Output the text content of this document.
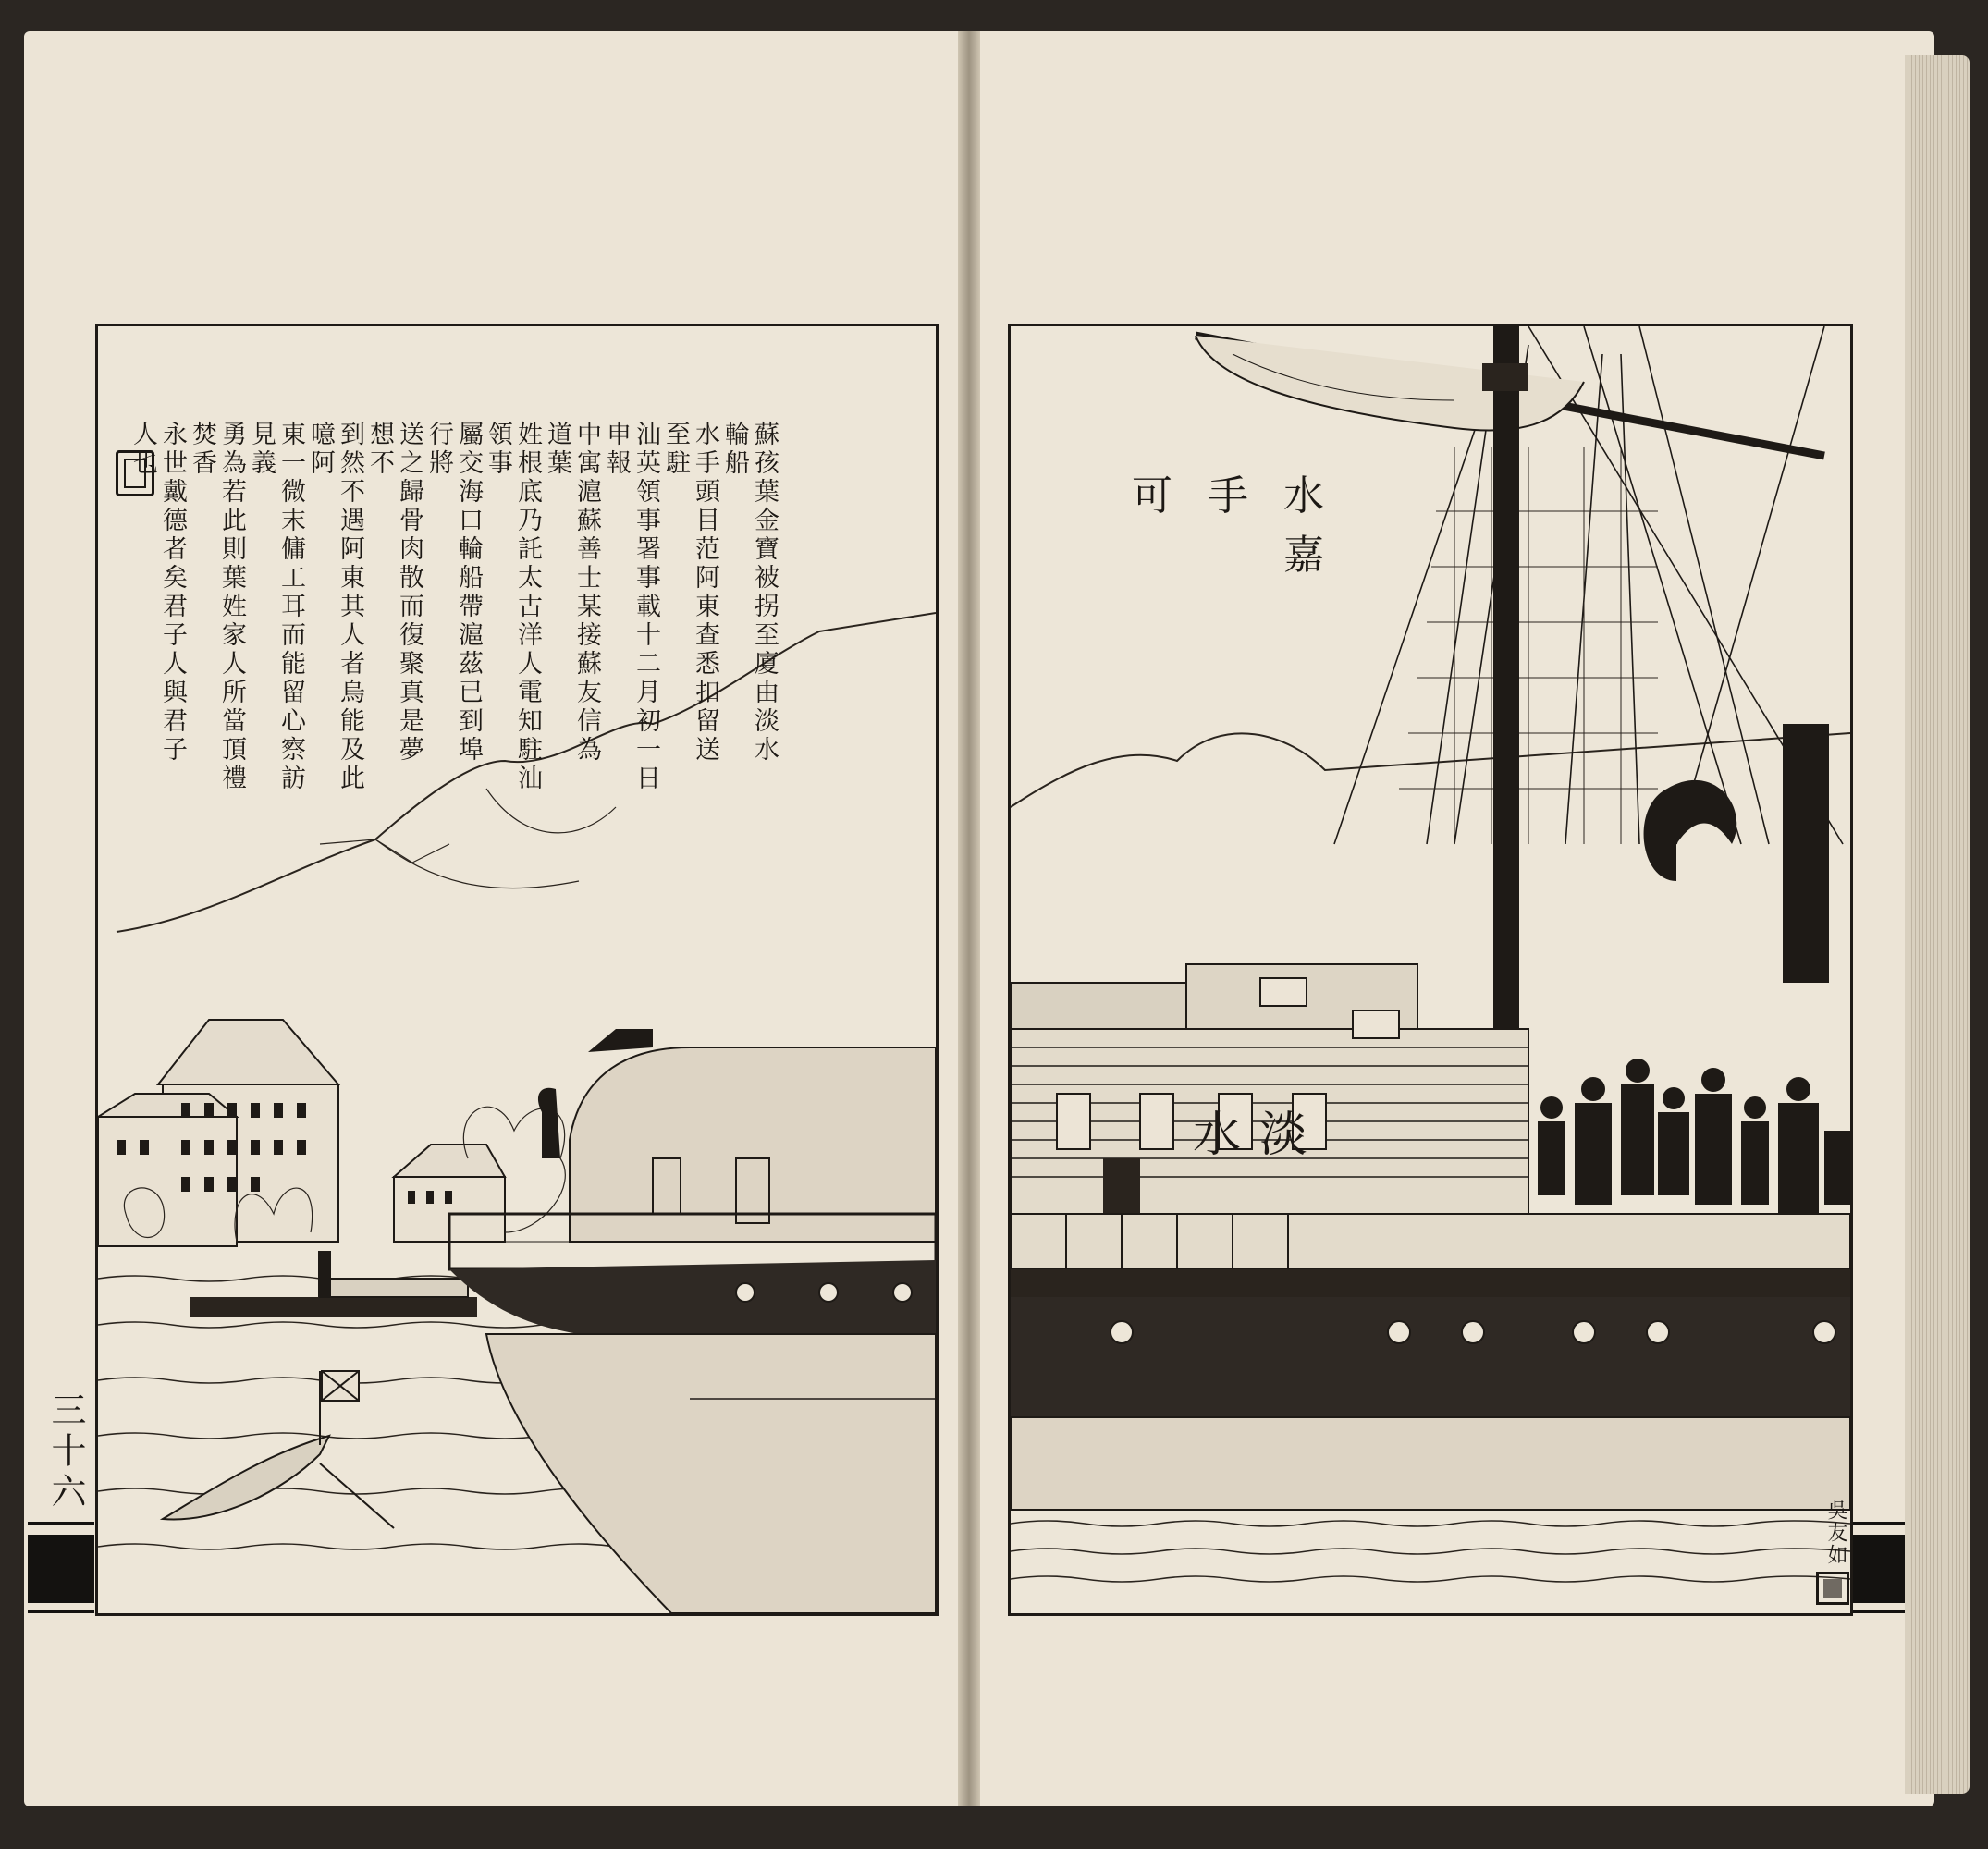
三十六
蘇孩葉金寶被拐至廈由淡水
輪船
水手頭目范阿東查悉扣留送
至駐
汕英領事署事載十二月初一日
申報
中寓滬蘇善士某接蘇友信為
道葉
姓根底乃託太古洋人電知駐汕
領事
屬交海口輪船帶滬茲已到埠
行將
送之歸骨肉散而復聚真是夢
想不
到然不遇阿東其人者烏能及此
噫阿
東一微末傭工耳而能留心察訪
見義
勇為若此則葉姓家人所當頂禮
焚香
永世戴德者矣君子人與君子
人也
水手可嘉
淡水
吳友如
